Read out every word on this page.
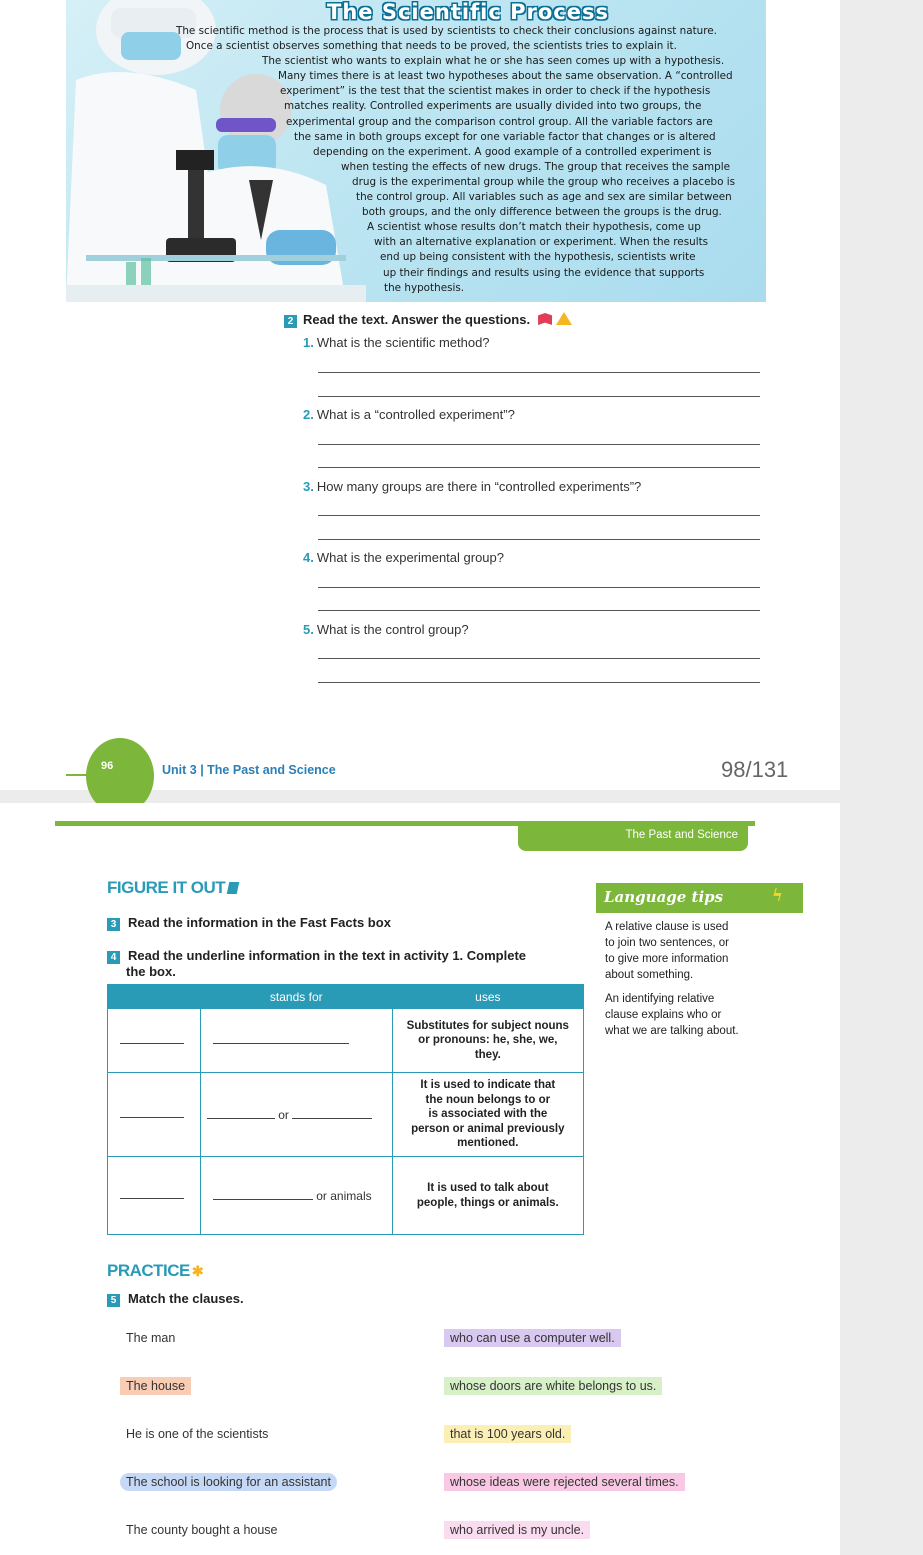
The Scientific Process
The scientific method is the process that is used by scientists to check their conclusions against nature.
Once a scientist observes something that needs to be proved, the scientists tries to explain it.
The scientist who wants to explain what he or she has seen comes up with a hypothesis.
Many times there is at least two hypotheses about the same observation. A “controlled
experiment” is the test that the scientist makes in order to check if the hypothesis
matches reality. Controlled experiments are usually divided into two groups, the
experimental group and the comparison control group. All the variable factors are
the same in both groups except for one variable factor that changes or is altered
depending on the experiment. A good example of a controlled experiment is
when testing the effects of new drugs. The group that receives the sample
drug is the experimental group while the group who receives a placebo is
the control group. All variables such as age and sex are similar between
both groups, and the only difference between the groups is the drug.
A scientist whose results don’t match their hypothesis, come up
with an alternative explanation or experiment. When the results
end up being consistent with the hypothesis, scientists write
up their findings and results using the evidence that supports
the hypothesis.
2 Read the text. Answer the questions.
1. What is the scientific method?
2. What is a “controlled experiment”?
3. How many groups are there in “controlled experiments”?
4. What is the experimental group?
5. What is the control group?
96	Unit 3 | The Past and Science	98/131
The Past and Science
FIGURE IT OUT
3 Read the information in the Fast Facts box
4 Read the underline information in the text in activity 1. Complete
the box.
Language tips	ϟ
A relative clause is used
to join two sentences, or
to give more information
about something.
An identifying relative
clause explains who or
what we are talking about.
	stands for	uses
		Substitutes for subject nouns
or pronouns: he, she, we,
they.
	or	It is used to indicate that
the noun belongs to or
is associated with the
person or animal previously
mentioned.
	or animals	It is used to talk about
people, things or animals.
PRACTICE ✱
5 Match the clauses.
The man
The house
He is one of the scientists
The school is looking for an assistant
The county bought a house
who can use a computer well.
whose doors are white belongs to us.
that is 100 years old.
whose ideas were rejected several times.
who arrived is my uncle.
